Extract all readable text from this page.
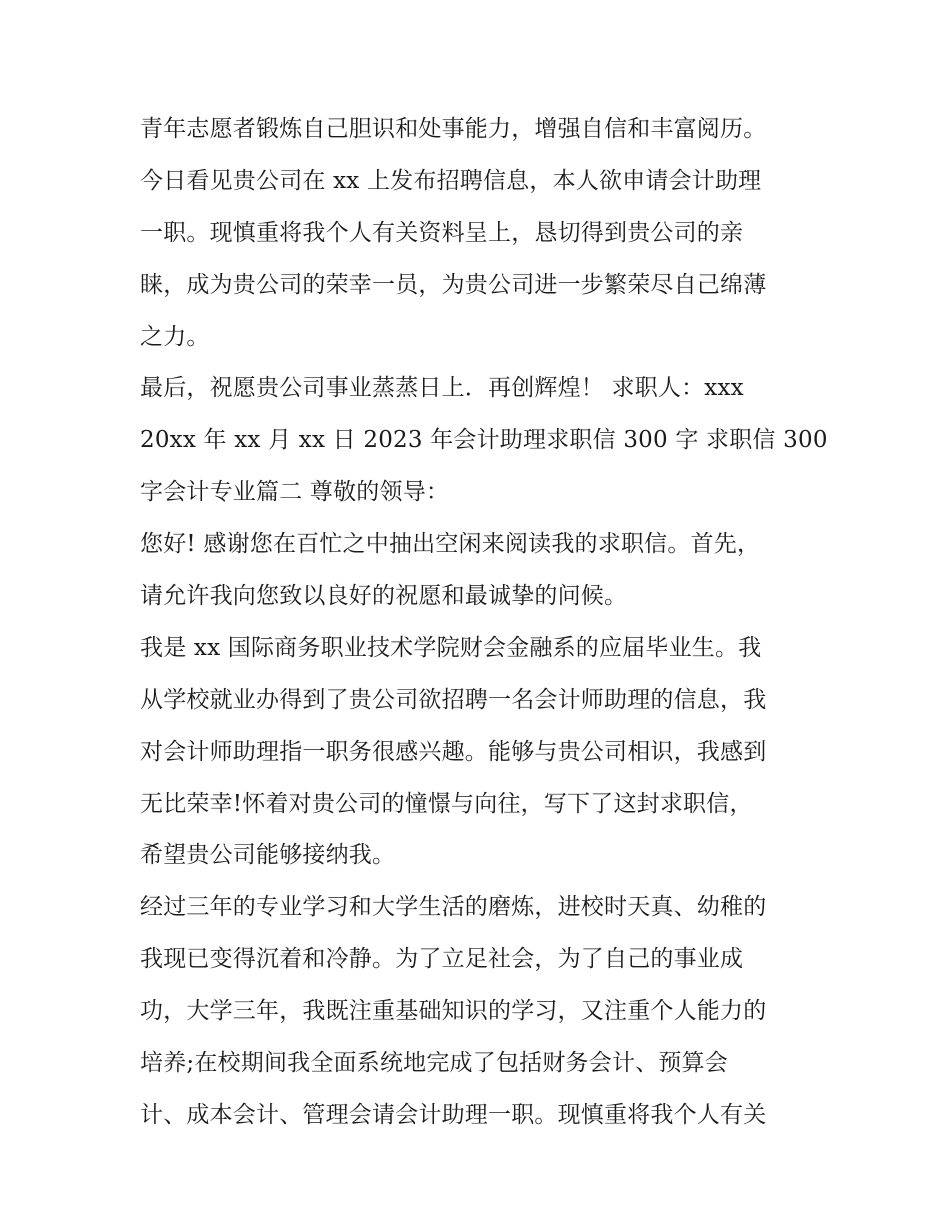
青年志愿者锻炼自己胆识和处事能力，增强自信和丰富阅历。
今日看见贵公司在 xx 上发布招聘信息，本人欲申请会计助理
一职。现慎重将我个人有关资料呈上，恳切得到贵公司的亲
睐，成为贵公司的荣幸一员，为贵公司进一步繁荣尽自己绵薄
之力。
最后，祝愿贵公司事业蒸蒸日上．再创辉煌！ 求职人：xxx
20xx 年 xx 月 xx 日 2023 年会计助理求职信 300 字 求职信 300
字会计专业篇二 尊敬的领导：
您好! 感谢您在百忙之中抽出空闲来阅读我的求职信。首先，
请允许我向您致以良好的祝愿和最诚挚的问候。
我是 xx 国际商务职业技术学院财会金融系的应届毕业生。我
从学校就业办得到了贵公司欲招聘一名会计师助理的信息，我
对会计师助理指一职务很感兴趣。能够与贵公司相识，我感到
无比荣幸!怀着对贵公司的憧憬与向往，写下了这封求职信，
希望贵公司能够接纳我。
经过三年的专业学习和大学生活的磨炼，进校时天真、幼稚的
我现已变得沉着和冷静。为了立足社会，为了自己的事业成
功，大学三年，我既注重基础知识的学习，又注重个人能力的
培养;在校期间我全面系统地完成了包括财务会计、预算会
计、成本会计、管理会请会计助理一职。现慎重将我个人有关
